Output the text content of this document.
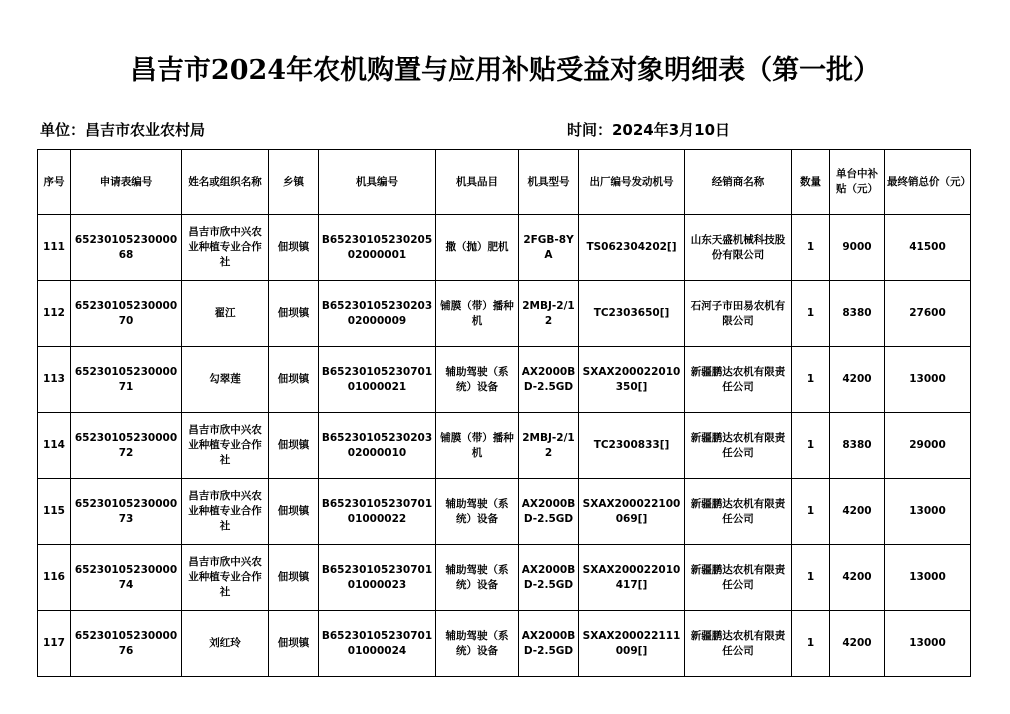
昌吉市2024年农机购置与应用补贴受益对象明细表（第一批）
单位：昌吉市农业农村局	时间：2024年3月10日
序号	申请表编号	姓名或组织名称	乡镇	机具编号	机具品目	机具型号	出厂编号发动机号	经销商名称	数量	单台中补贴（元）	最终销总价（元）
111	6523010523000068	昌吉市欣中兴农业种植专业合作社	佃坝镇	B6523010523020502000001	撒（抛）肥机	2FGB-8YA	TS062304202[]	山东天盛机械科技股份有限公司	1	9000	41500
112	6523010523000070	翟江	佃坝镇	B6523010523020302000009	铺膜（带）播种机	2MBJ-2/12	TC2303650[]	石河子市田易农机有限公司	1	8380	27600
113	6523010523000071	勾翠莲	佃坝镇	B6523010523070101000021	辅助驾驶（系统）设备	AX2000BD-2.5GD	SXAX200022010350[]	新疆鹏达农机有限责任公司	1	4200	13000
114	6523010523000072	昌吉市欣中兴农业种植专业合作社	佃坝镇	B6523010523020302000010	铺膜（带）播种机	2MBJ-2/12	TC2300833[]	新疆鹏达农机有限责任公司	1	8380	29000
115	6523010523000073	昌吉市欣中兴农业种植专业合作社	佃坝镇	B6523010523070101000022	辅助驾驶（系统）设备	AX2000BD-2.5GD	SXAX200022100069[]	新疆鹏达农机有限责任公司	1	4200	13000
116	6523010523000074	昌吉市欣中兴农业种植专业合作社	佃坝镇	B6523010523070101000023	辅助驾驶（系统）设备	AX2000BD-2.5GD	SXAX200022010417[]	新疆鹏达农机有限责任公司	1	4200	13000
117	6523010523000076	刘红玲	佃坝镇	B6523010523070101000024	辅助驾驶（系统）设备	AX2000BD-2.5GD	SXAX200022111009[]	新疆鹏达农机有限责任公司	1	4200	13000
